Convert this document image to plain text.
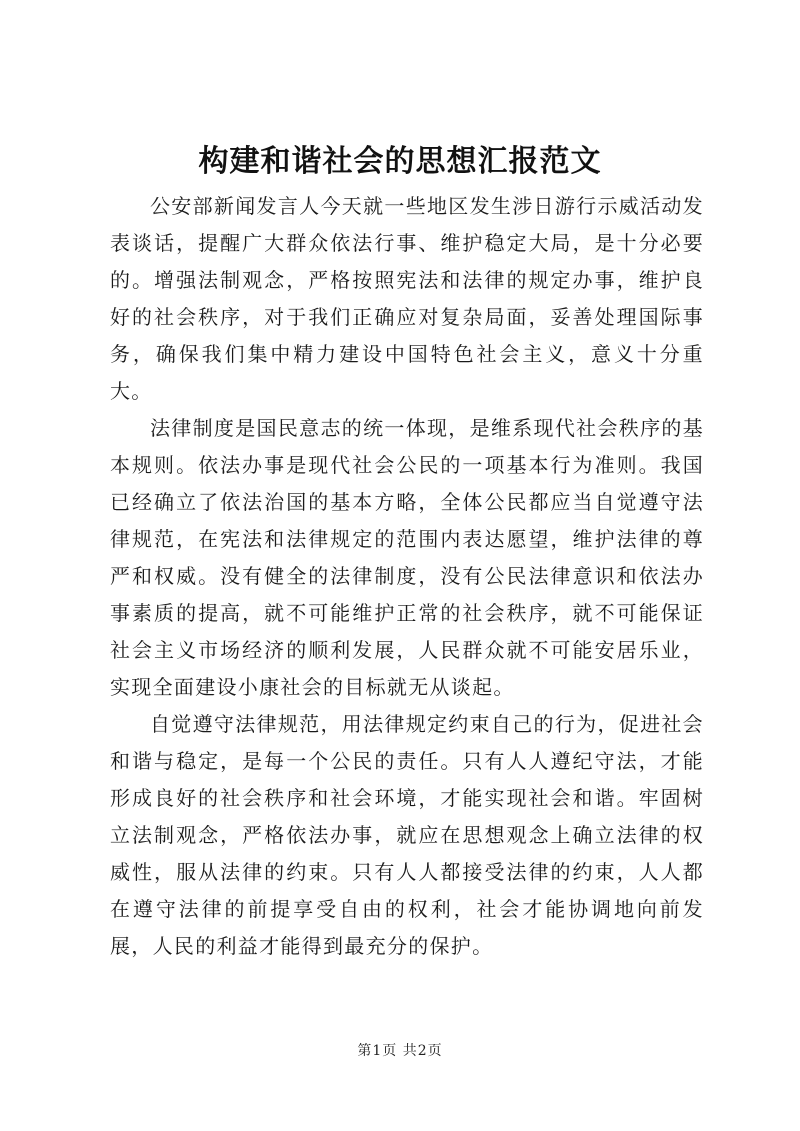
构建和谐社会的思想汇报范文

公安部新闻发言人今天就一些地区发生涉日游行示威活动发表谈话，提醒广大群众依法行事、维护稳定大局，是十分必要的。增强法制观念，严格按照宪法和法律的规定办事，维护良好的社会秩序，对于我们正确应对复杂局面，妥善处理国际事务，确保我们集中精力建设中国特色社会主义，意义十分重大。

法律制度是国民意志的统一体现，是维系现代社会秩序的基本规则。依法办事是现代社会公民的一项基本行为准则。我国已经确立了依法治国的基本方略，全体公民都应当自觉遵守法律规范，在宪法和法律规定的范围内表达愿望，维护法律的尊严和权威。没有健全的法律制度，没有公民法律意识和依法办事素质的提高，就不可能维护正常的社会秩序，就不可能保证社会主义市场经济的顺利发展，人民群众就不可能安居乐业，实现全面建设小康社会的目标就无从谈起。

自觉遵守法律规范，用法律规定约束自己的行为，促进社会和谐与稳定，是每一个公民的责任。只有人人遵纪守法，才能形成良好的社会秩序和社会环境，才能实现社会和谐。牢固树立法制观念，严格依法办事，就应在思想观念上确立法律的权威性，服从法律的约束。只有人人都接受法律的约束，人人都在遵守法律的前提享受自由的权利，社会才能协调地向前发展，人民的利益才能得到最充分的保护。

第1页 共2页
